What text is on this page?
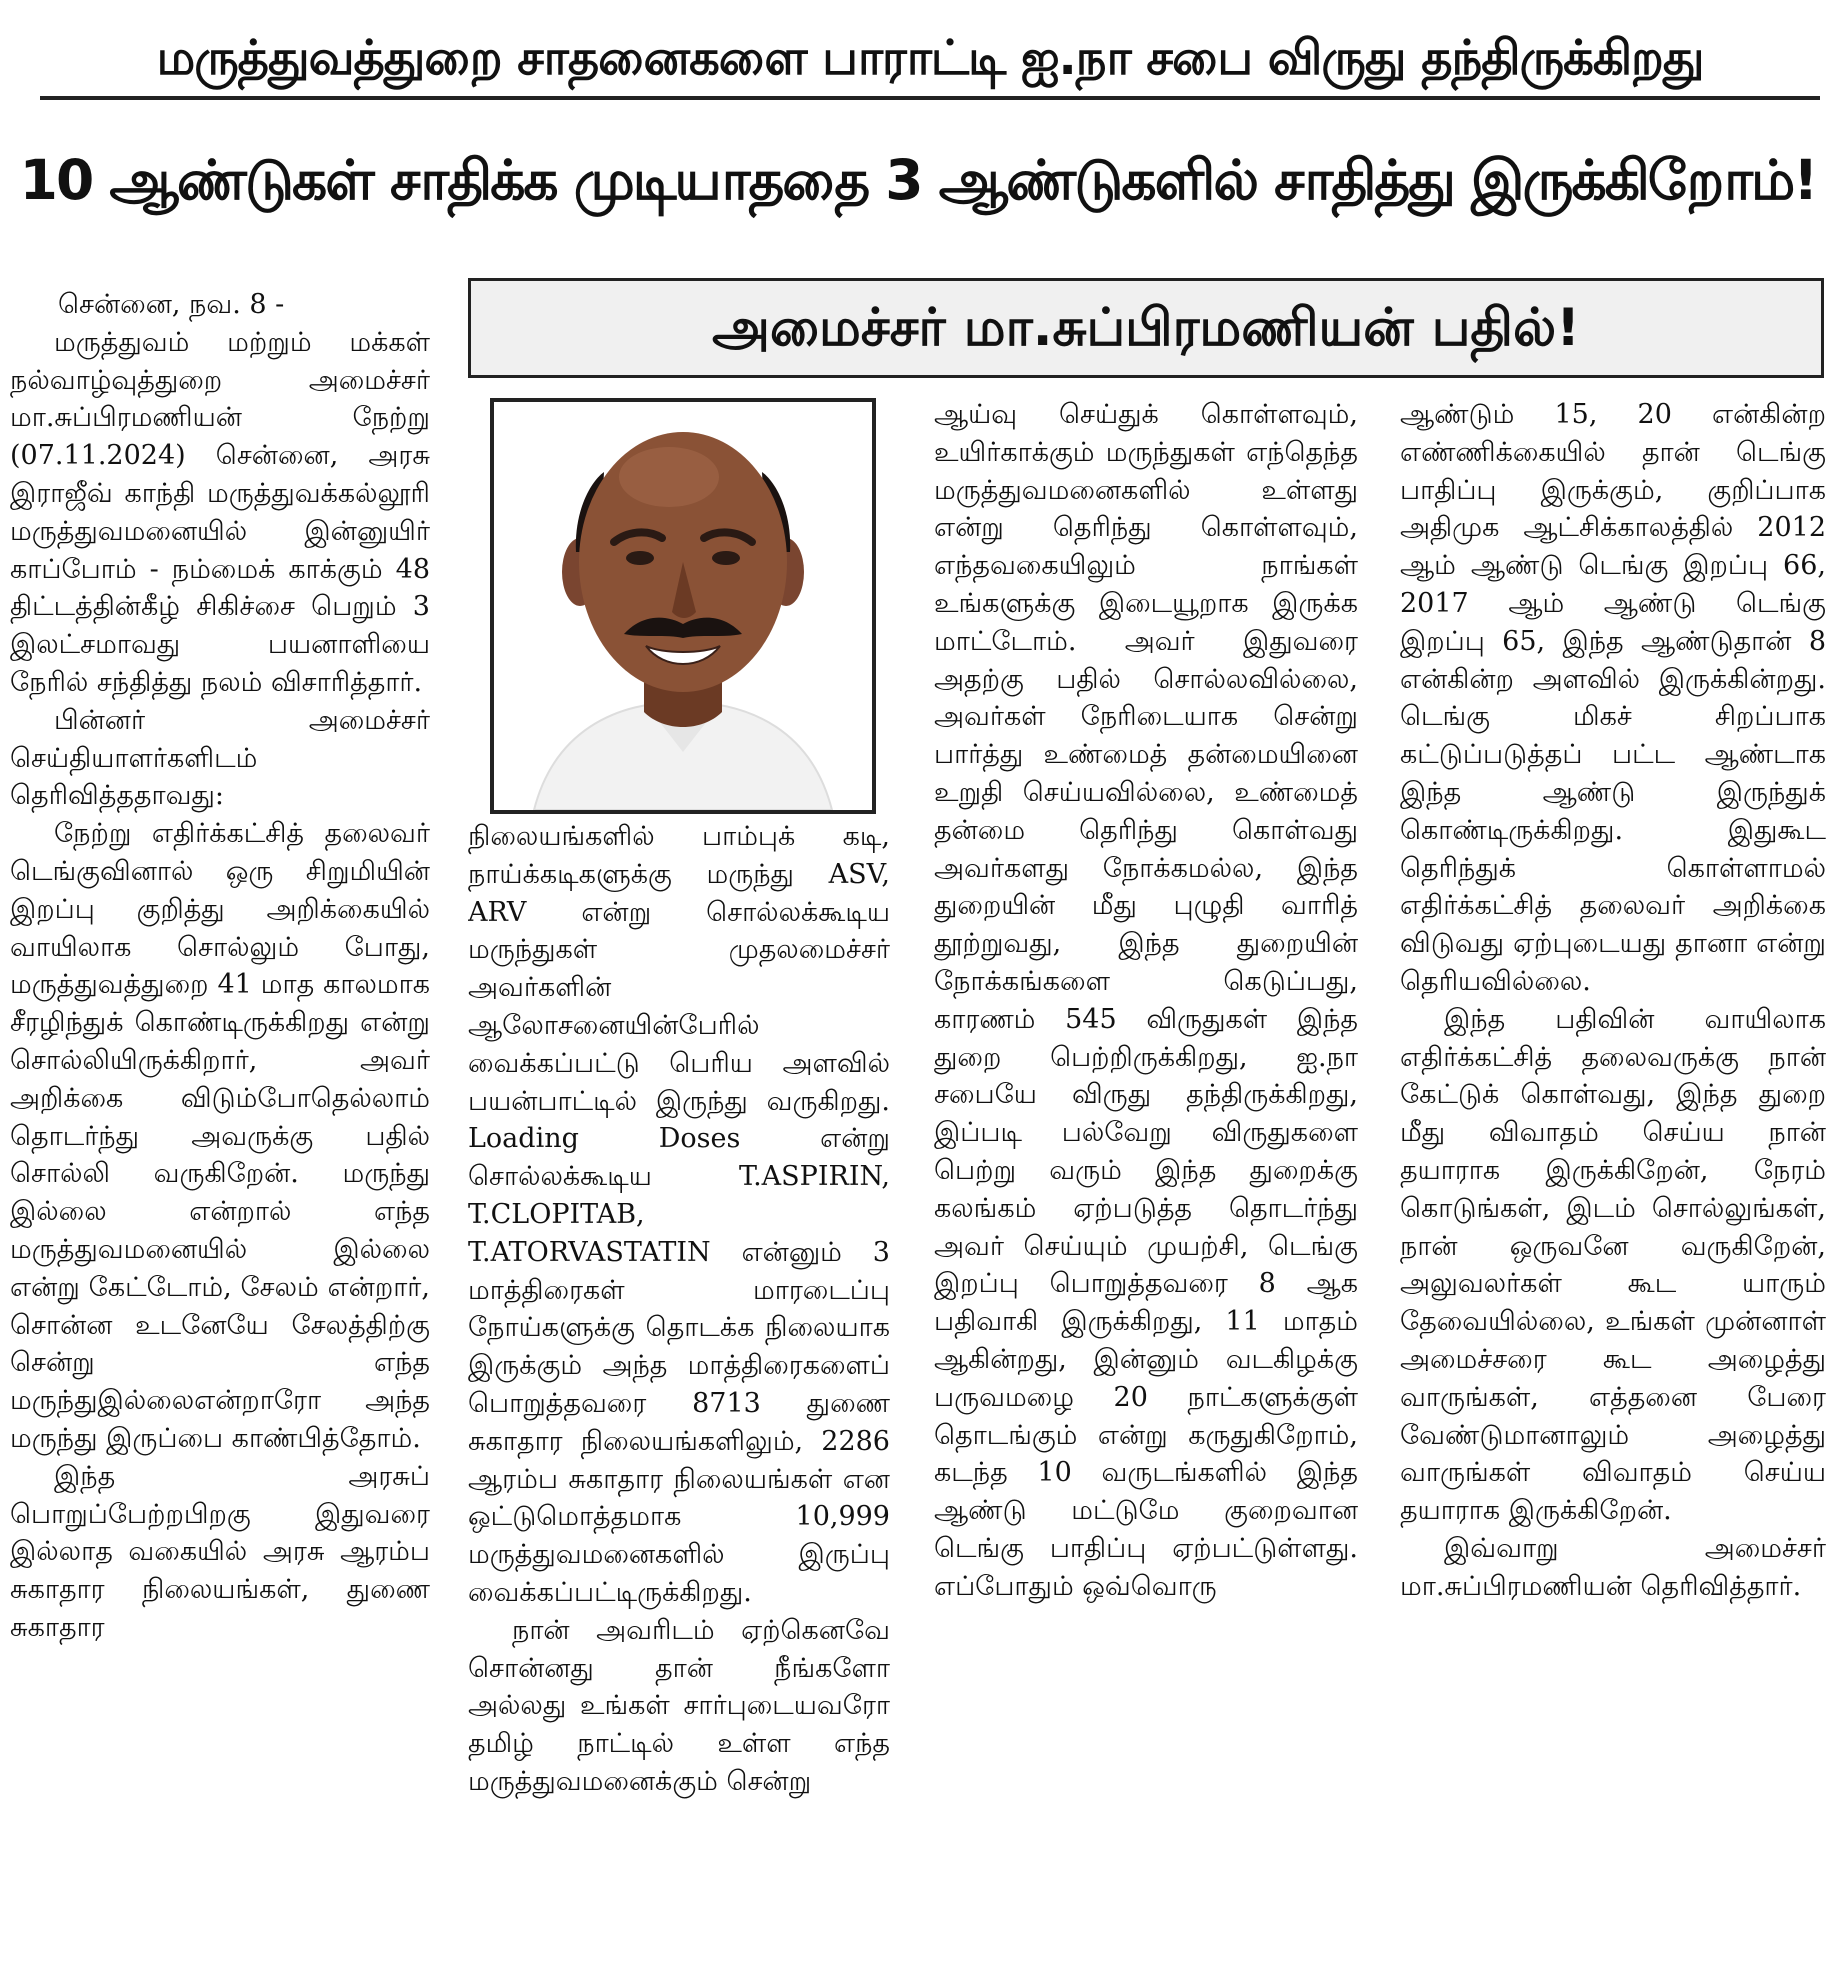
மருத்துவத்துறை சாதனைகளை பாராட்டி ஐ.நா சபை விருது தந்திருக்கிறது
10 ஆண்டுகள் சாதிக்க முடியாததை 3 ஆண்டுகளில் சாதித்து இருக்கிறோம்!
அமைச்சர் மா.சுப்பிரமணியன் பதில்!

சென்னை, நவ. 8 -

மருத்துவம் மற்றும் மக்கள் நல்வாழ்வுத்துறை அமைச்சர் மா.சுப்பிரமணியன் நேற்று (07.11.2024) சென்னை, அரசு இராஜீவ் காந்தி மருத்துவக்கல்லூரி மருத்துவமனையில் இன்னுயிர் காப்போம் - நம்மைக் காக்கும் 48 திட்டத்தின்கீழ் சிகிச்சை பெறும் 3 இலட்சமாவது பயனாளியை நேரில் சந்தித்து நலம் விசாரித்தார்.

பின்னர் அமைச்சர் செய்தியாளர்களிடம் தெரிவித்ததாவது:

நேற்று எதிர்க்கட்சித் தலைவர் டெங்குவினால் ஒரு சிறுமியின் இறப்பு குறித்து அறிக்கையில் வாயிலாக சொல்லும் போது, மருத்துவத்துறை 41 மாத காலமாக சீரழிந்துக் கொண்டிருக்கிறது என்று சொல்லியிருக்கிறார், அவர் அறிக்கை விடும்போதெல்லாம் தொடர்ந்து அவருக்கு பதில் சொல்லி வருகிறேன். மருந்து இல்லை என்றால் எந்த மருத்துவமனையில் இல்லை என்று கேட்டோம், சேலம் என்றார், சொன்ன உடனேயே சேலத்திற்கு சென்று எந்த மருந்துஇல்லைஎன்றாரோ அந்த மருந்து இருப்பை காண்பித்தோம்.

இந்த அரசுப் பொறுப்பேற்றபிறகு இதுவரை இல்லாத வகையில் அரசு ஆரம்ப சுகாதார நிலையங்கள், துணை சுகாதார

நிலையங்களில் பாம்புக் கடி, நாய்க்கடிகளுக்கு மருந்து ASV, ARV என்று சொல்லக்கூடிய மருந்துகள் முதலமைச்சர் அவர்களின் ஆலோசனையின்பேரில் வைக்கப்பட்டு பெரிய அளவில் பயன்பாட்டில் இருந்து வருகிறது. Loading Doses என்று சொல்லக்கூடிய T.ASPIRIN, T.CLOPITAB, T.ATORVASTATIN என்னும் 3 மாத்திரைகள் மாரடைப்பு நோய்களுக்கு தொடக்க நிலையாக இருக்கும் அந்த மாத்திரைகளைப் பொறுத்தவரை 8713 துணை சுகாதார நிலையங்களிலும், 2286 ஆரம்ப சுகாதார நிலையங்கள் என ஒட்டுமொத்தமாக 10,999 மருத்துவமனைகளில் இருப்பு வைக்கப்பட்டிருக்கிறது.

நான் அவரிடம் ஏற்கெனவே சொன்னது தான் நீங்களோ அல்லது உங்கள் சார்புடையவரோ தமிழ் நாட்டில் உள்ள எந்த மருத்துவமனைக்கும் சென்று

ஆய்வு செய்துக் கொள்ளவும், உயிர்காக்கும் மருந்துகள் எந்தெந்த மருத்துவமனைகளில் உள்ளது என்று தெரிந்து கொள்ளவும், எந்தவகையிலும் நாங்கள் உங்களுக்கு இடையூறாக இருக்க மாட்டோம். அவர் இதுவரை அதற்கு பதில் சொல்லவில்லை, அவர்கள் நேரிடையாக சென்று பார்த்து உண்மைத் தன்மையினை உறுதி செய்யவில்லை, உண்மைத் தன்மை தெரிந்து கொள்வது அவர்களது நோக்கமல்ல, இந்த துறையின் மீது புழுதி வாரித் தூற்றுவது, இந்த துறையின் நோக்கங்களை கெடுப்பது, காரணம் 545 விருதுகள் இந்த துறை பெற்றிருக்கிறது, ஐ.நா சபையே விருது தந்திருக்கிறது, இப்படி பல்வேறு விருதுகளை பெற்று வரும் இந்த துறைக்கு கலங்கம் ஏற்படுத்த தொடர்ந்து அவர் செய்யும் முயற்சி, டெங்கு இறப்பு பொறுத்தவரை 8 ஆக பதிவாகி இருக்கிறது, 11 மாதம் ஆகின்றது, இன்னும் வடகிழக்கு பருவமழை 20 நாட்களுக்குள் தொடங்கும் என்று கருதுகிறோம், கடந்த 10 வருடங்களில் இந்த ஆண்டு மட்டுமே குறைவான டெங்கு பாதிப்பு ஏற்பட்டுள்ளது. எப்போதும் ஒவ்வொரு

ஆண்டும் 15, 20 என்கின்ற எண்ணிக்கையில் தான் டெங்கு பாதிப்பு இருக்கும், குறிப்பாக அதிமுக ஆட்சிக்காலத்தில் 2012 ஆம் ஆண்டு டெங்கு இறப்பு 66, 2017 ஆம் ஆண்டு டெங்கு இறப்பு 65, இந்த ஆண்டுதான் 8 என்கின்ற அளவில் இருக்கின்றது. டெங்கு மிகச் சிறப்பாக கட்டுப்படுத்தப் பட்ட ஆண்டாக இந்த ஆண்டு இருந்துக் கொண்டிருக்கிறது. இதுகூட தெரிந்துக் கொள்ளாமல் எதிர்க்கட்சித் தலைவர் அறிக்கை விடுவது ஏற்புடையது தானா என்று தெரியவில்லை.

இந்த பதிவின் வாயிலாக எதிர்க்கட்சித் தலைவருக்கு நான் கேட்டுக் கொள்வது, இந்த துறை மீது விவாதம் செய்ய நான் தயாராக இருக்கிறேன், நேரம் கொடுங்கள், இடம் சொல்லுங்கள், நான் ஒருவனே வருகிறேன், அலுவலர்கள் கூட யாரும் தேவையில்லை, உங்கள் முன்னாள் அமைச்சரை கூட அழைத்து வாருங்கள், எத்தனை பேரை வேண்டுமானாலும் அழைத்து வாருங்கள் விவாதம் செய்ய தயாராக இருக்கிறேன்.

இவ்வாறு அமைச்சர் மா.சுப்பிரமணியன் தெரிவித்தார்.
